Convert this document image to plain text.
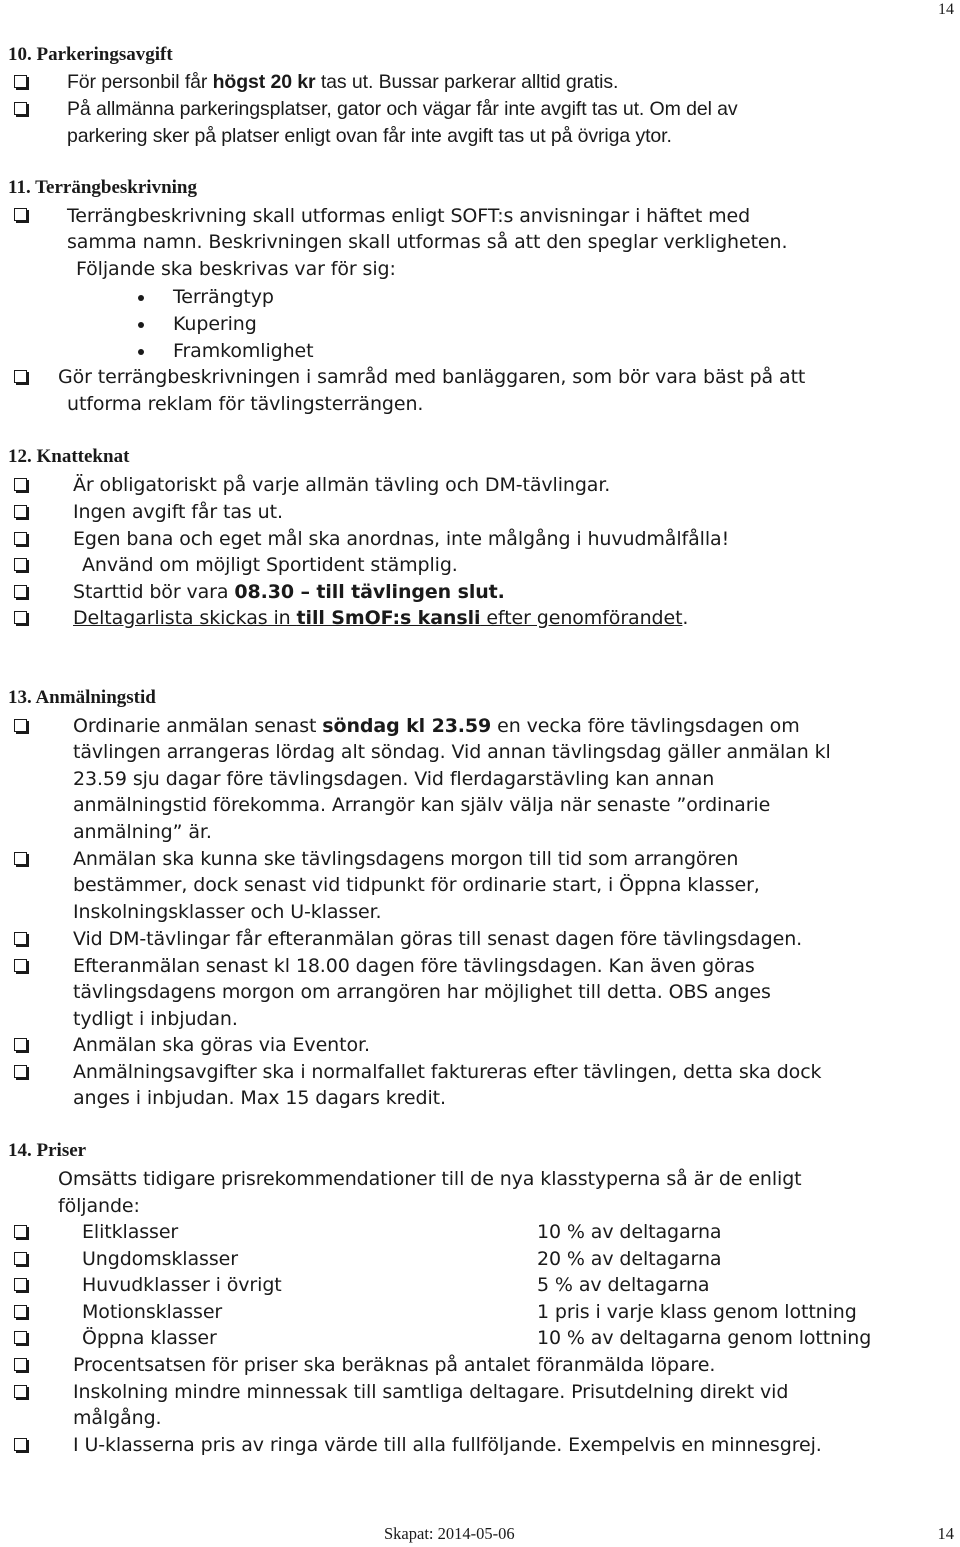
14
10. Parkeringsavgift
För personbil får högst 20 kr tas ut. Bussar parkerar alltid gratis.
På allmänna parkeringsplatser, gator och vägar får inte avgift tas ut. Om del av
parkering sker på platser enligt ovan får inte avgift tas ut på övriga ytor.
11. Terrängbeskrivning
Terrängbeskrivning skall utformas enligt SOFT:s anvisningar i häftet med
samma namn. Beskrivningen skall utformas så att den speglar verkligheten.
Följande ska beskrivas var för sig:
Terrängtyp
Kupering
Framkomlighet
Gör terrängbeskrivningen i samråd med banläggaren, som bör vara bäst på att
utforma reklam för tävlingsterrängen.
12. Knatteknat
Är obligatoriskt på varje allmän tävling och DM-tävlingar.
Ingen avgift får tas ut.
Egen bana och eget mål ska anordnas, inte målgång i huvudmålfålla!
Använd om möjligt Sportident stämplig.
Starttid bör vara 08.30 – till tävlingen slut.
Deltagarlista skickas in till SmOF:s kansli efter genomförandet.
13. Anmälningstid
Ordinarie anmälan senast söndag kl 23.59 en vecka före tävlingsdagen om
tävlingen arrangeras lördag alt söndag. Vid annan tävlingsdag gäller anmälan kl
23.59 sju dagar före tävlingsdagen. Vid flerdagarstävling kan annan
anmälningstid förekomma. Arrangör kan själv välja när senaste ”ordinarie
anmälning” är.
Anmälan ska kunna ske tävlingsdagens morgon till tid som arrangören
bestämmer, dock senast vid tidpunkt för ordinarie start, i Öppna klasser,
Inskolningsklasser och U-klasser.
Vid DM-tävlingar får efteranmälan göras till senast dagen före tävlingsdagen.
Efteranmälan senast kl 18.00 dagen före tävlingsdagen. Kan även göras
tävlingsdagens morgon om arrangören har möjlighet till detta. OBS anges
tydligt i inbjudan.
Anmälan ska göras via Eventor.
Anmälningsavgifter ska i normalfallet faktureras efter tävlingen, detta ska dock
anges i inbjudan. Max 15 dagars kredit.
14. Priser
Omsätts tidigare prisrekommendationer till de nya klasstyperna så är de enligt
följande:
Elitklasser	10 % av deltagarna
Ungdomsklasser	20 % av deltagarna
Huvudklasser i övrigt	5 % av deltagarna
Motionsklasser	1 pris i varje klass genom lottning
Öppna klasser	10 % av deltagarna genom lottning
Procentsatsen för priser ska beräknas på antalet föranmälda löpare.
Inskolning mindre minnessak till samtliga deltagare. Prisutdelning direkt vid
målgång.
I U-klasserna pris av ringa värde till alla fullföljande. Exempelvis en minnesgrej.
Skapat: 2014-05-06	14
